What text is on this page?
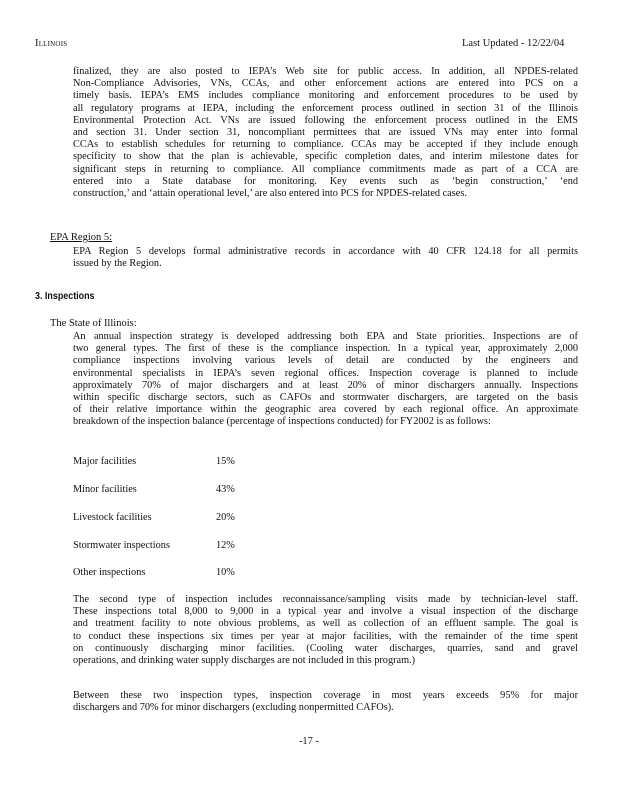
Illinois	Last Updated - 12/22/04
finalized, they are also posted to IEPA’s Web site for public access. In addition, all NPDES-related
Non-Compliance Advisories, VNs, CCAs, and other enforcement actions are entered into PCS on a
timely basis. IEPA’s EMS includes compliance monitoring and enforcement procedures to be used by
all regulatory programs at IEPA, including the enforcement process outlined in section 31 of the Illinois
Environmental Protection Act. VNs are issued following the enforcement process outlined in the EMS
and section 31. Under section 31, noncompliant permittees that are issued VNs may enter into formal
CCAs to establish schedules for returning to compliance. CCAs may be accepted if they include enough
specificity to show that the plan is achievable, specific completion dates, and interim milestone dates for
significant steps in returning to compliance. All compliance commitments made as part of a CCA are
entered into a State database for monitoring. Key events such as ‘begin construction,’ ‘end
construction,’ and ‘attain operational level,’ are also entered into PCS for NPDES-related cases.
EPA Region 5:
EPA Region 5 develops formal administrative records in accordance with 40 CFR 124.18 for all permits
issued by the Region.
3. Inspections
The State of Illinois:
An annual inspection strategy is developed addressing both EPA and State priorities. Inspections are of
two general types. The first of these is the compliance inspection. In a typical year, approximately 2,000
compliance inspections involving various levels of detail are conducted by the engineers and
environmental specialists in IEPA’s seven regional offices. Inspection coverage is planned to include
approximately 70% of major dischargers and at least 20% of minor dischargers annually. Inspections
within specific discharge sectors, such as CAFOs and stormwater dischargers, are targeted on the basis
of their relative importance within the geographic area covered by each regional office. An approximate
breakdown of the inspection balance (percentage of inspections conducted) for FY2002 is as follows:
Major facilities	15%
Minor facilities	43%
Livestock facilities	20%
Stormwater inspections	12%
Other inspections	10%
The second type of inspection includes reconnaissance/sampling visits made by technician-level staff.
These inspections total 8,000 to 9,000 in a typical year and involve a visual inspection of the discharge
and treatment facility to note obvious problems, as well as collection of an effluent sample. The goal is
to conduct these inspections six times per year at major facilities, with the remainder of the time spent
on continuously discharging minor facilities. (Cooling water discharges, quarries, sand and gravel
operations, and drinking water supply discharges are not included in this program.)
Between these two inspection types, inspection coverage in most years exceeds 95% for major
dischargers and 70% for minor dischargers (excluding nonpermitted CAFOs).
-17 -
